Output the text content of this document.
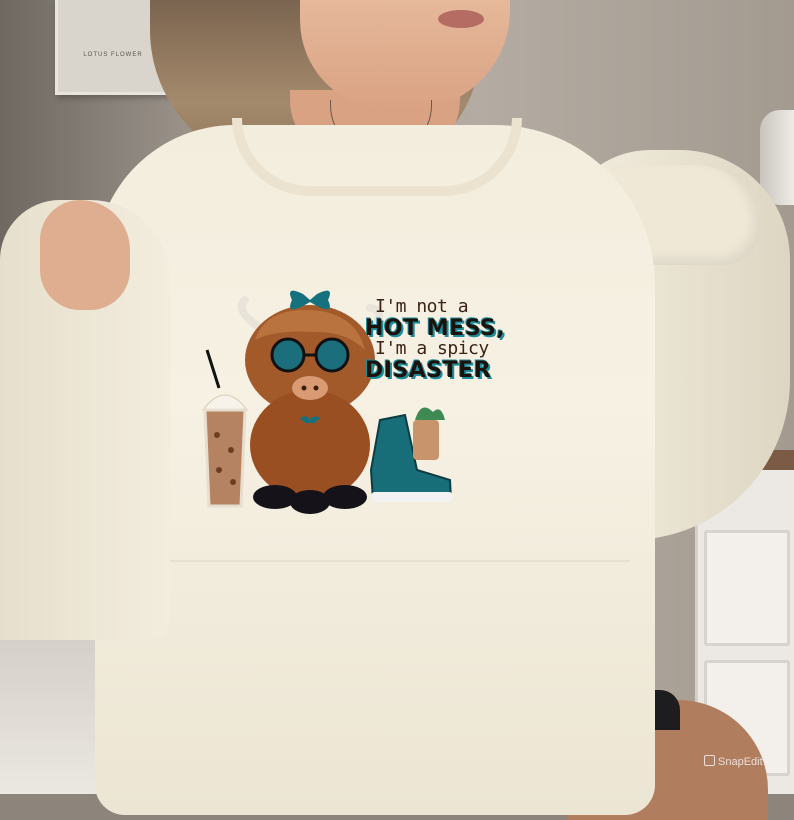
LOTUS FLOWER
I'm not a
HOT MESS,
I'm a spicy
DISASTER
SnapEdit
